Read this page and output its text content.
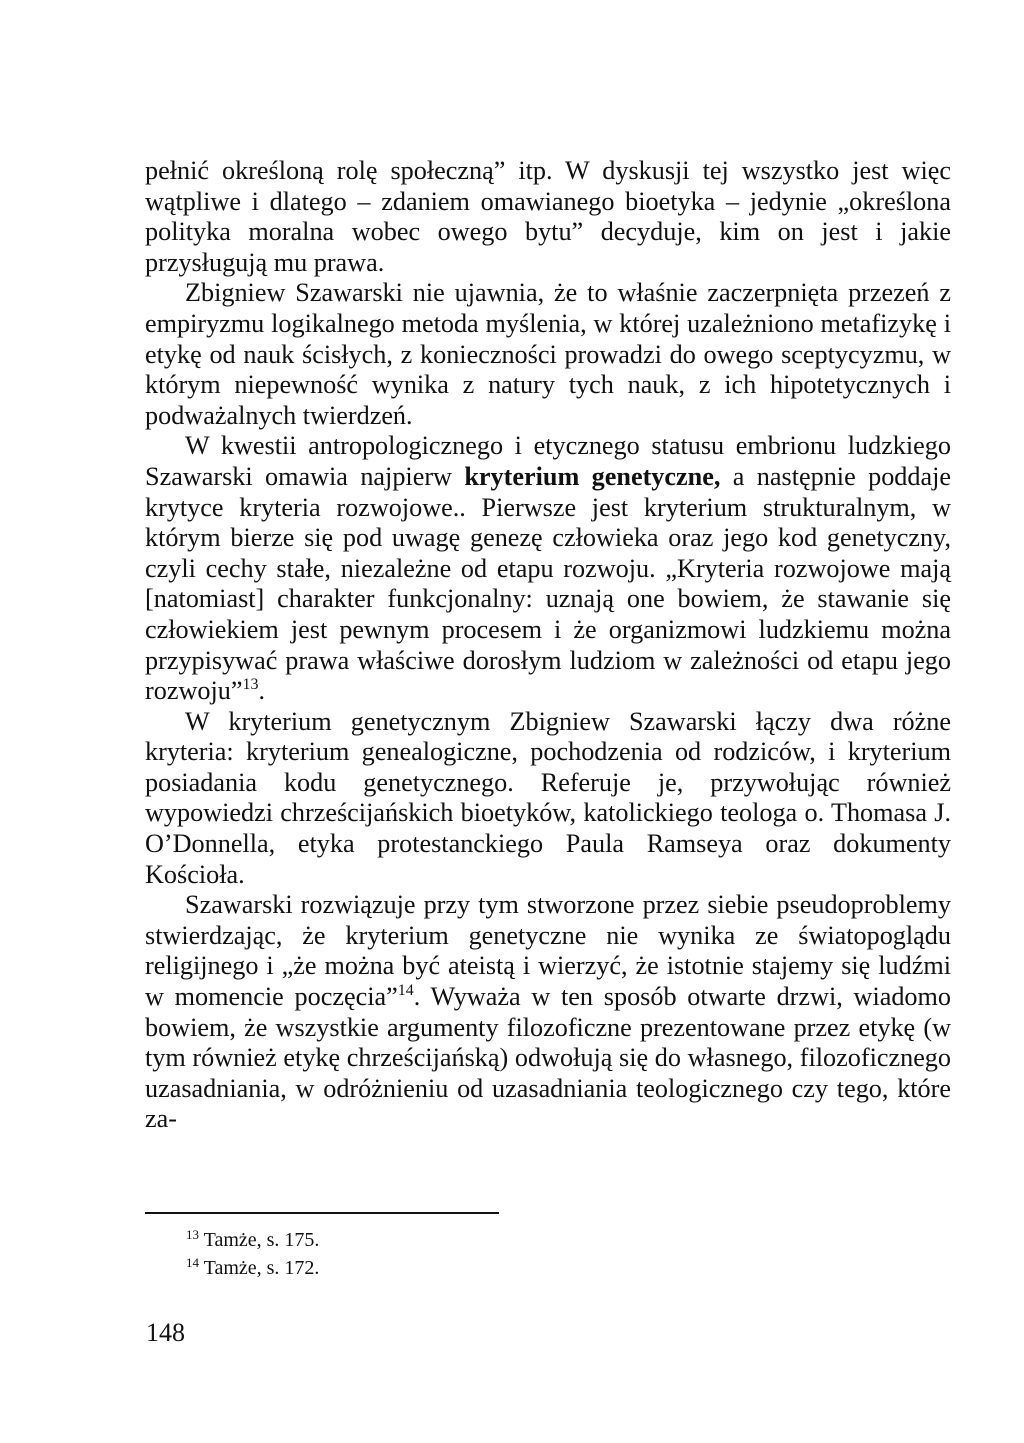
pełnić określoną rolę społeczną” itp. W dyskusji tej wszystko jest więc wątpliwe i dlatego – zdaniem omawianego bioetyka – jedynie „określona polityka moralna wobec owego bytu” decyduje, kim on jest i jakie przysługują mu prawa.

Zbigniew Szawarski nie ujawnia, że to właśnie zaczerpnięta przezeń z empiryzmu logikalnego metoda myślenia, w której uzależniono metafizykę i etykę od nauk ścisłych, z konieczności prowadzi do owego sceptycyzmu, w którym niepewność wynika z natury tych nauk, z ich hipotetycznych i podważalnych twierdzeń.

W kwestii antropologicznego i etycznego statusu embrionu ludzkiego Szawarski omawia najpierw kryterium genetyczne, a następnie poddaje krytyce kryteria rozwojowe.. Pierwsze jest kryterium strukturalnym, w którym bierze się pod uwagę genezę człowieka oraz jego kod genetyczny, czyli cechy stałe, niezależne od etapu rozwoju. „Kryteria rozwojowe mają [natomiast] charakter funkcjonalny: uznają one bowiem, że stawanie się człowiekiem jest pewnym procesem i że organizmowi ludzkiemu można przypisywać prawa właściwe dorosłym ludziom w zależności od etapu jego rozwoju”$^{13}$.

W kryterium genetycznym Zbigniew Szawarski łączy dwa różne kryteria: kryterium genealogiczne, pochodzenia od rodziców, i kryterium posiadania kodu genetycznego. Referuje je, przywołując również wypowiedzi chrześcijańskich bioetyków, katolickiego teologa o. Thomasa J. O’Donnella, etyka protestanckiego Paula Ramseya oraz dokumenty Kościoła.

Szawarski rozwiązuje przy tym stworzone przez siebie pseudoproblemy stwierdzając, że kryterium genetyczne nie wynika ze światopoglądu religijnego i „że można być ateistą i wierzyć, że istotnie stajemy się ludźmi w momencie poczęcia”$^{14}$. Wyważa w ten sposób otwarte drzwi, wiadomo bowiem, że wszystkie argumenty filozoficzne prezentowane przez etykę (w tym również etykę chrześcijańską) odwołują się do własnego, filozoficznego uzasadniania, w odróżnieniu od uzasadniania teologicznego czy tego, które za-

$^{13}$ Tamże, s. 175.
$^{14}$ Tamże, s. 172.
148
